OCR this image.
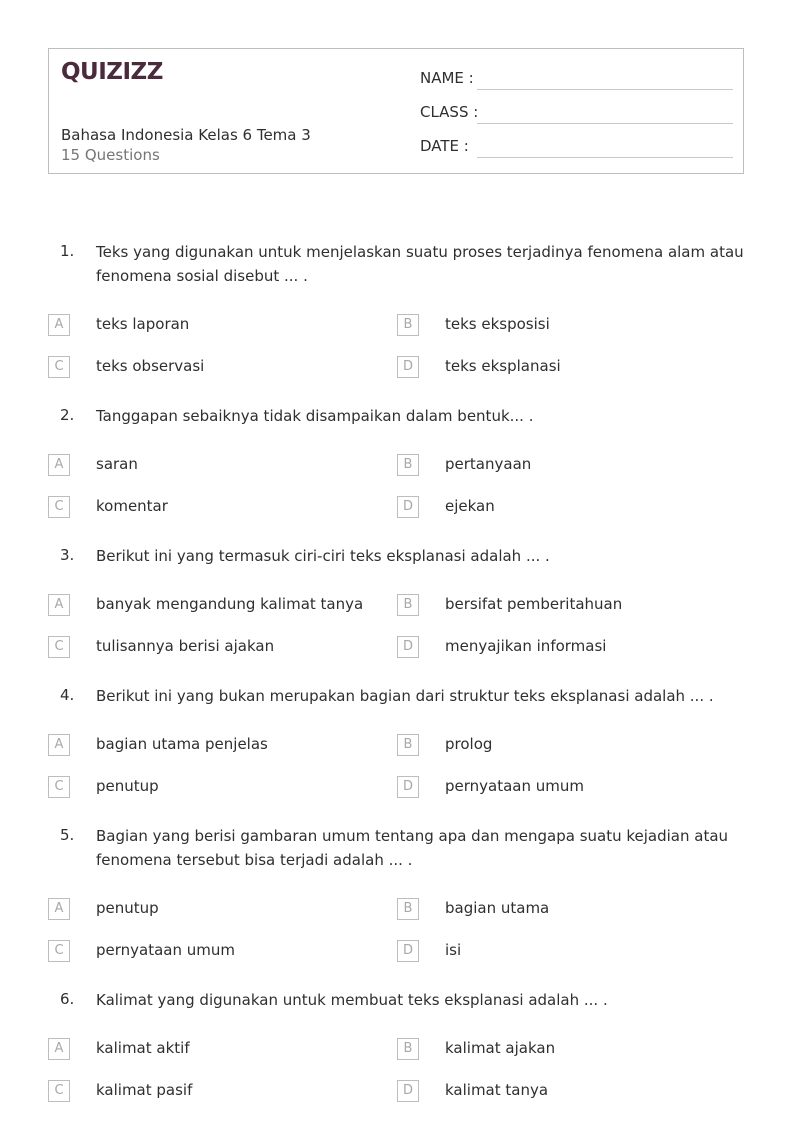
QUIZIZZ
Bahasa Indonesia Kelas 6 Tema 3
15 Questions
NAME :
CLASS :
DATE :
1. Teks yang digunakan untuk menjelaskan suatu proses terjadinya fenomena alam atau fenomena sosial disebut ... .
A	teks laporan	B	teks eksposisi
C	teks observasi	D	teks eksplanasi
2. Tanggapan sebaiknya tidak disampaikan dalam bentuk... .
A	saran	B	pertanyaan
C	komentar	D	ejekan
3. Berikut ini yang termasuk ciri-ciri teks eksplanasi adalah ... .
A	banyak mengandung kalimat tanya	B	bersifat pemberitahuan
C	tulisannya berisi ajakan	D	menyajikan informasi
4. Berikut ini yang bukan merupakan bagian dari struktur teks eksplanasi adalah ... .
A	bagian utama penjelas	B	prolog
C	penutup	D	pernyataan umum
5. Bagian yang berisi gambaran umum tentang apa dan mengapa suatu kejadian atau fenomena tersebut bisa terjadi adalah ... .
A	penutup	B	bagian utama
C	pernyataan umum	D	isi
6. Kalimat yang digunakan untuk membuat teks eksplanasi adalah ... .
A	kalimat aktif	B	kalimat ajakan
C	kalimat pasif	D	kalimat tanya
